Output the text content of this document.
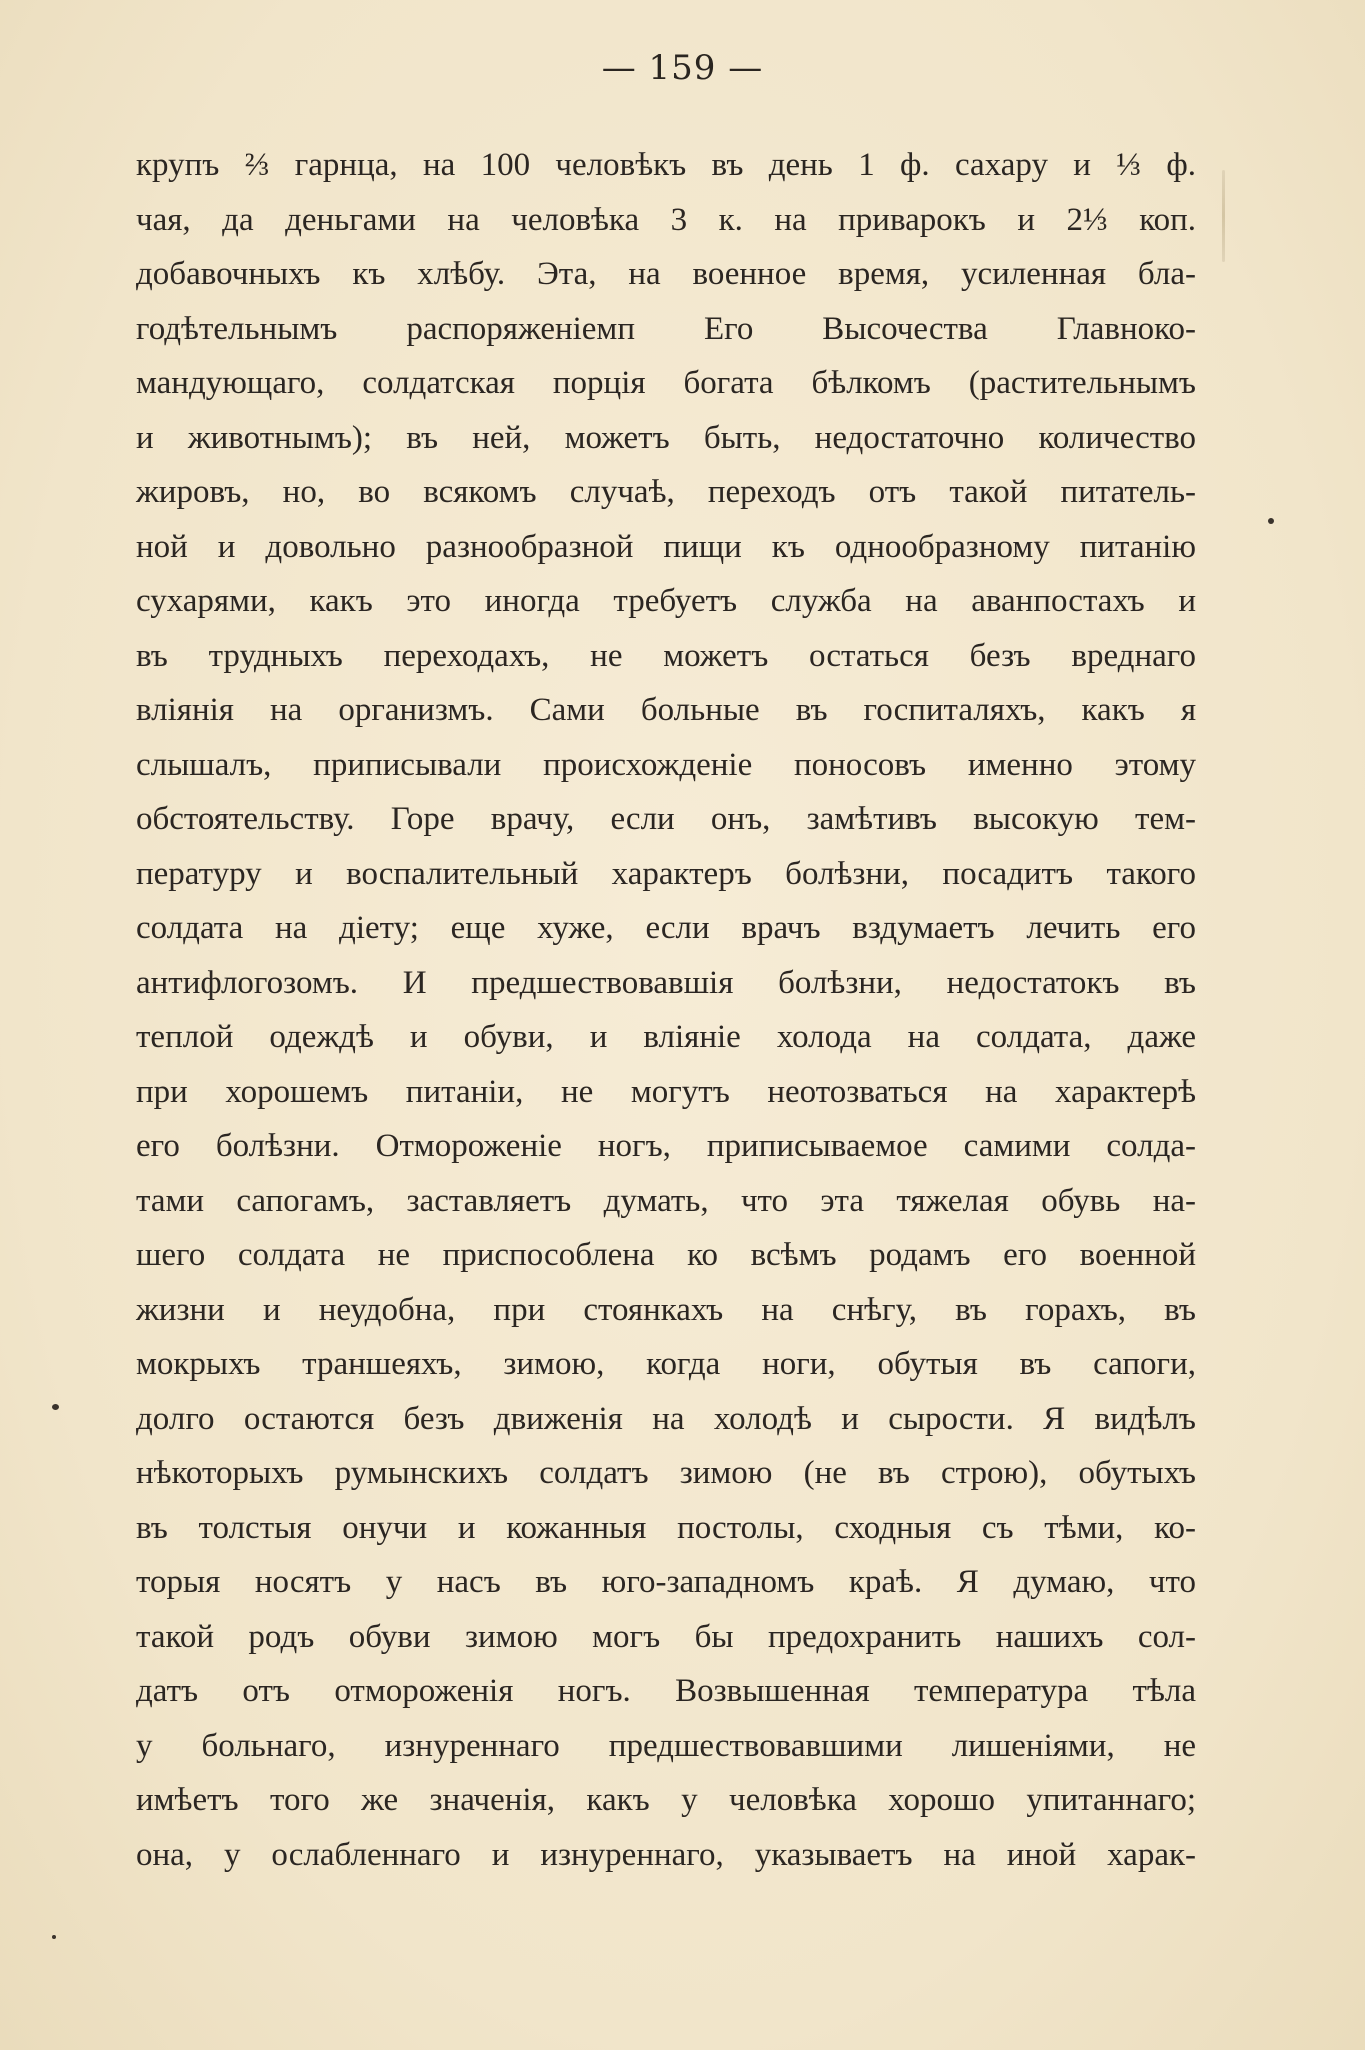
— 159 —
крупъ ⅔ гарнца, на 100 человѣкъ въ день 1 ф. сахару и ⅓ ф.
чая, да деньгами на человѣка 3 к. на приварокъ и 2⅓ коп.
добавочныхъ къ хлѣбу. Эта, на военное время, усиленная бла-
годѣтельнымъ распоряженіемп Его Высочества Главноко-
мандующаго, солдатская порція богата бѣлкомъ (растительнымъ
и животнымъ); въ ней, можетъ быть, недостаточно количество
жировъ, но, во всякомъ случаѣ, переходъ отъ такой питатель-
ной и довольно разнообразной пищи къ однообразному питанію
сухарями, какъ это иногда требуетъ служба на аванпостахъ и
въ трудныхъ переходахъ, не можетъ остаться безъ вреднаго
вліянія на организмъ. Сами больные въ госпиталяхъ, какъ я
слышалъ, приписывали происхожденіе поносовъ именно этому
обстоятельству. Горе врачу, если онъ, замѣтивъ высокую тем-
пературу и воспалительный характеръ болѣзни, посадитъ такого
солдата на діету; еще хуже, если врачъ вздумаетъ лечить его
антифлогозомъ. И предшествовавшія болѣзни, недостатокъ въ
теплой одеждѣ и обуви, и вліяніе холода на солдата, даже
при хорошемъ питаніи, не могутъ неотозваться на характерѣ
его болѣзни. Отмороженіе ногъ, приписываемое самими солда-
тами сапогамъ, заставляетъ думать, что эта тяжелая обувь на-
шего солдата не приспособлена ко всѣмъ родамъ его военной
жизни и неудобна, при стоянкахъ на снѣгу, въ горахъ, въ
мокрыхъ траншеяхъ, зимою, когда ноги, обутыя въ сапоги,
долго остаются безъ движенія на холодѣ и сырости. Я видѣлъ
нѣкоторыхъ румынскихъ солдатъ зимою (не въ строю), обутыхъ
въ толстыя онучи и кожанныя постолы, сходныя съ тѣми, ко-
торыя носятъ у насъ въ юго-западномъ краѣ. Я думаю, что
такой родъ обуви зимою могъ бы предохранить нашихъ сол-
датъ отъ отмороженія ногъ. Возвышенная температура тѣла
у больнаго, изнуреннаго предшествовавшими лишеніями, не
имѣетъ того же значенія, какъ у человѣка хорошо упитаннаго;
она, у ослабленнаго и изнуреннаго, указываетъ на иной харак-
